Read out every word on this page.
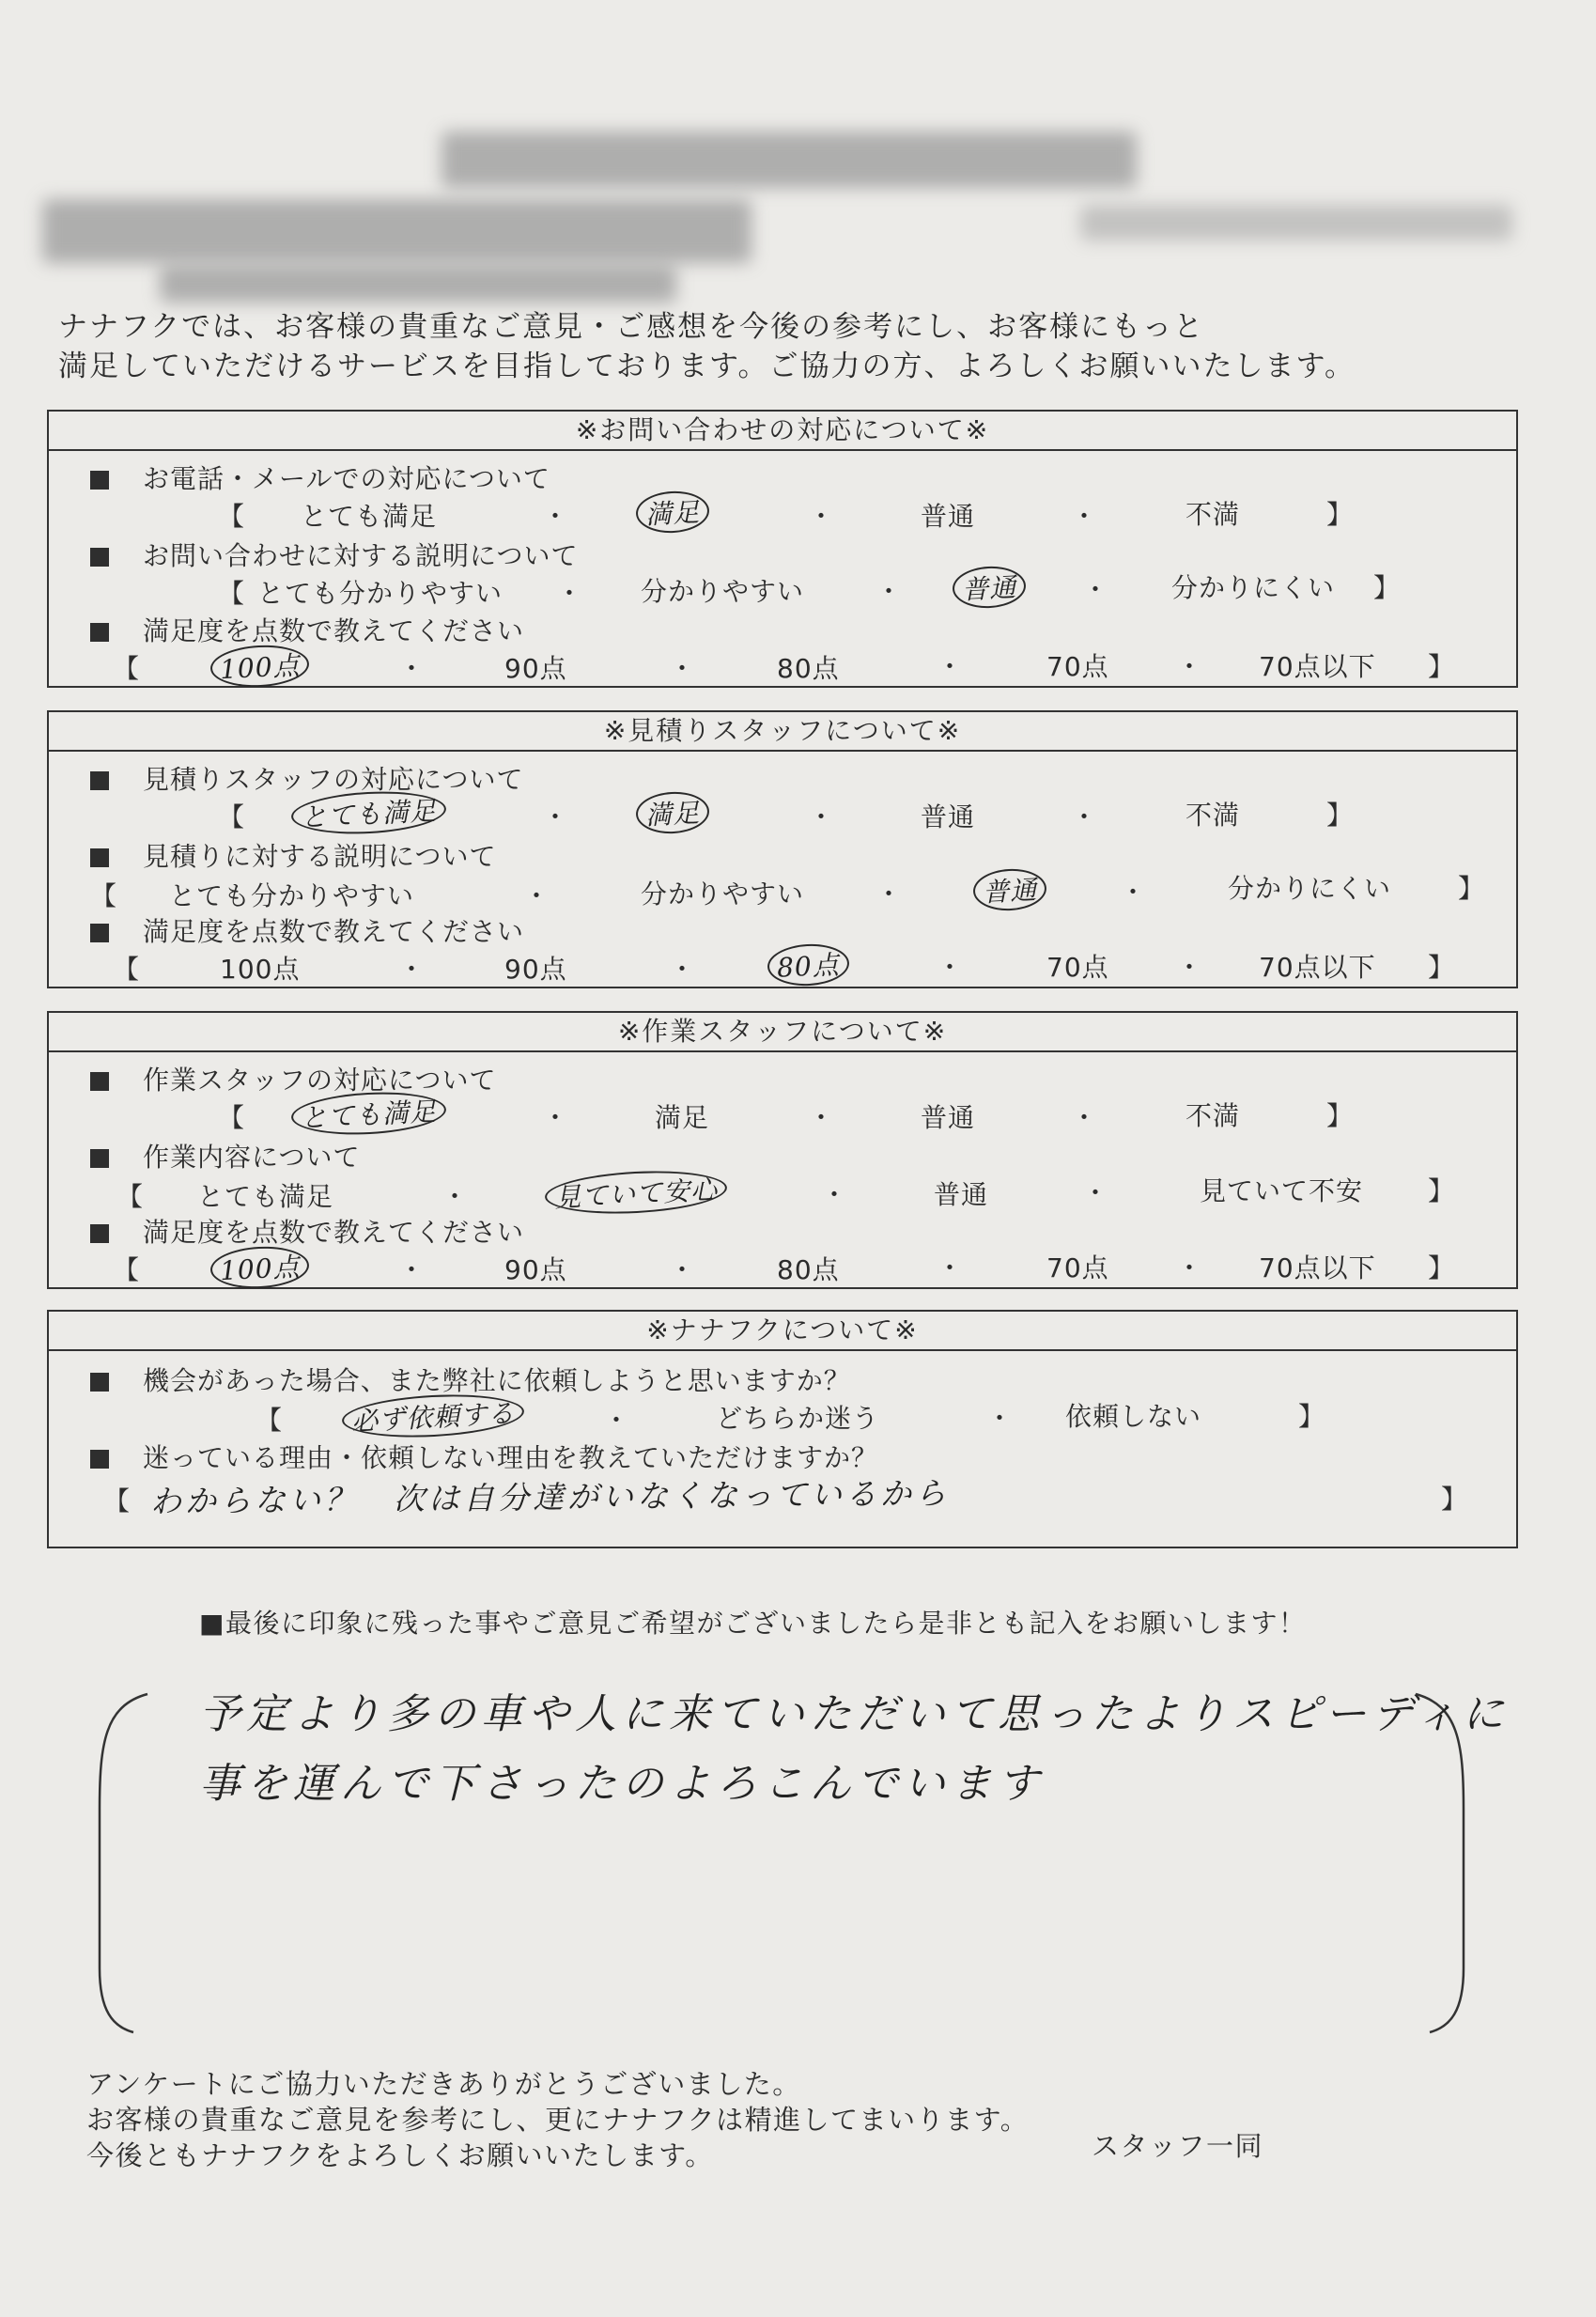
ナナフクでは、お客様の貴重なご意見・ご感想を今後の参考にし、お客様にもっと
満足していただけるサービスを目指しております。ご協力の方、よろしくお願いいたします。
※お問い合わせの対応について※
お電話・メールでの対応について
【 とても満足	・	満足	・	普通	・	不満	】
お問い合わせに対する説明について
【 とても分かりやすい ・ 分かりやすい	・ 普通 ・ 分かりにくい 】
満足度を点数で教えてください
【	100点	・	90点	・	80点	・	70点	・ 70点以下 】
※見積りスタッフについて※
見積りスタッフの対応について
【 とても満足	・	満足	・	普通	・	不満	】
見積りに対する説明について
【 とても分かりやすい	・	分かりやすい	・	普通	・	分かりにくい	】
満足度を点数で教えてください
【	100点	・	90点	・	80点	・	70点	・ 70点以下 】
※作業スタッフについて※
作業スタッフの対応について
【 とても満足	・	満足	・	普通	・	不満	】
作業内容について
【 とても満足	・	見ていて安心	・	普通	・	見ていて不安 】
満足度を点数で教えてください
【	100点	・	90点	・	80点	・	70点	・ 70点以下 】
※ナナフクについて※
機会があった場合、また弊社に依頼しようと思いますか？
【	必ず依頼する	・	どちらか迷う	・ 依頼しない	】
迷っている理由・依頼しない理由を教えていただけますか？
【 わからない？　次は自分達がいなくなっているから	】
■最後に印象に残った事やご意見ご希望がございましたら是非とも記入をお願いします！
予定より多の車や人に来ていただいて思ったよりスピーディに
事を運んで下さったのよろこんでいます
アンケートにご協力いただきありがとうございました。
お客様の貴重なご意見を参考にし、更にナナフクは精進してまいります。
今後ともナナフクをよろしくお願いいたします。	スタッフ一同
